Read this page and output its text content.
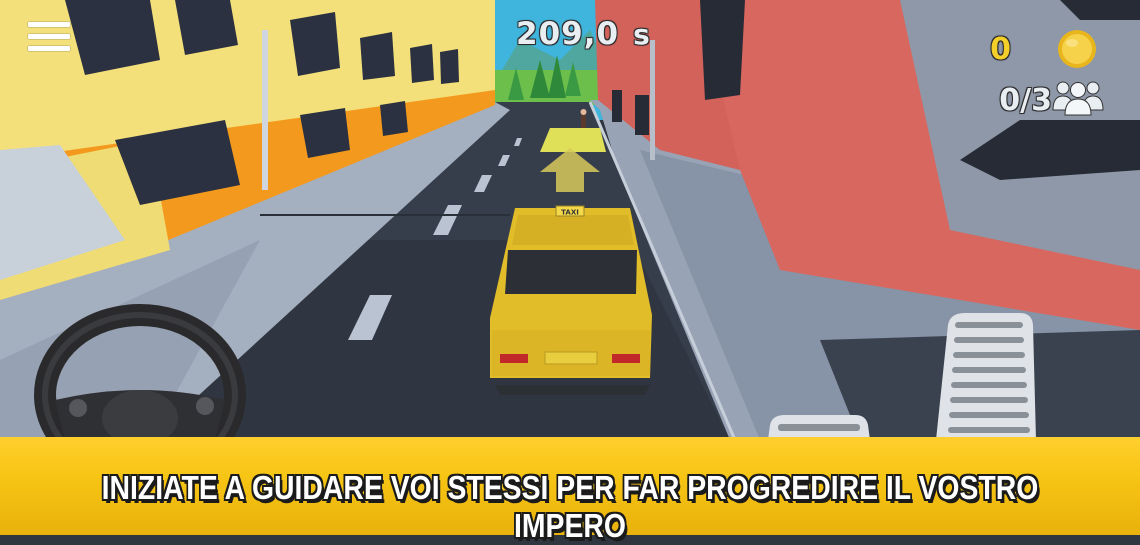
TAXI
209,0 s	0
0/3
INIZIATE A GUIDARE VOI STESSI PER FAR PROGREDIRE IL VOSTRO IMPERO
